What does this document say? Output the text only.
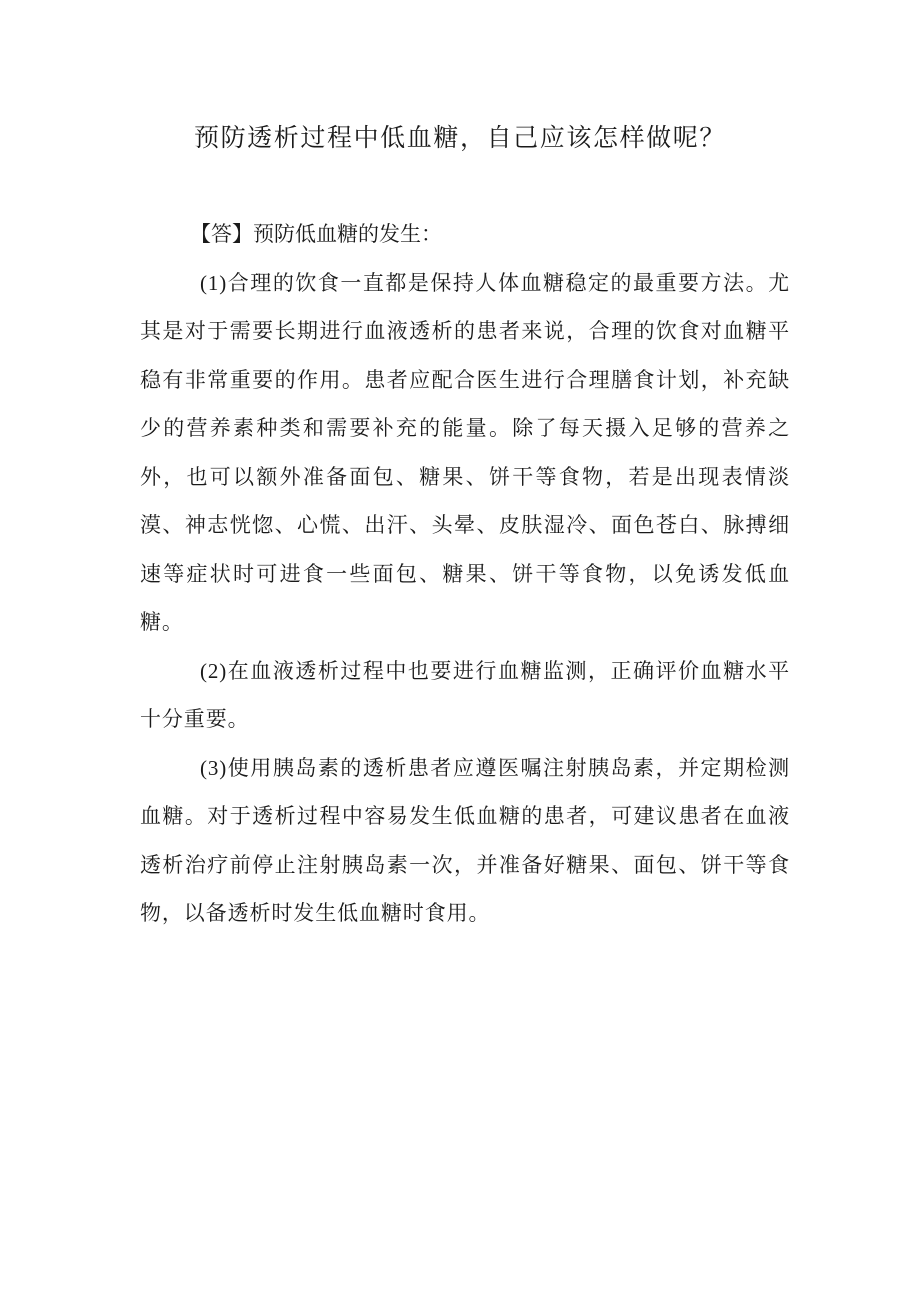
预防透析过程中低血糖，自己应该怎样做呢？

【答】预防低血糖的发生：

(1)合理的饮食一直都是保持人体血糖稳定的最重要方法。尤其是对于需要长期进行血液透析的患者来说，合理的饮食对血糖平稳有非常重要的作用。患者应配合医生进行合理膳食计划，补充缺少的营养素种类和需要补充的能量。除了每天摄入足够的营养之外，也可以额外准备面包、糖果、饼干等食物，若是出现表情淡漠、神志恍惚、心慌、出汗、头晕、皮肤湿冷、面色苍白、脉搏细速等症状时可进食一些面包、糖果、饼干等食物，以免诱发低血糖。

(2)在血液透析过程中也要进行血糖监测，正确评价血糖水平十分重要。

(3)使用胰岛素的透析患者应遵医嘱注射胰岛素，并定期检测血糖。对于透析过程中容易发生低血糖的患者，可建议患者在血液透析治疗前停止注射胰岛素一次，并准备好糖果、面包、饼干等食物，以备透析时发生低血糖时食用。
